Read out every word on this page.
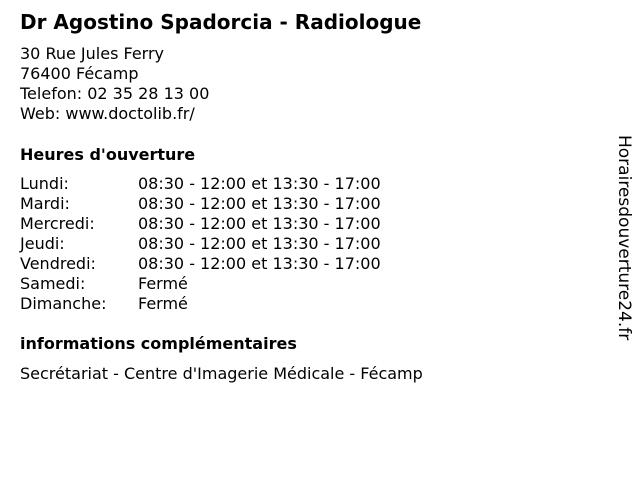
Dr Agostino Spadorcia - Radiologue
30 Rue Jules Ferry
76400 Fécamp
Telefon: 02 35 28 13 00
Web: www.doctolib.fr/
Heures d'ouverture
Lundi:	08:30 - 12:00 et 13:30 - 17:00
Mardi:	08:30 - 12:00 et 13:30 - 17:00
Mercredi:	08:30 - 12:00 et 13:30 - 17:00
Jeudi:	08:30 - 12:00 et 13:30 - 17:00
Vendredi:	08:30 - 12:00 et 13:30 - 17:00
Samedi:	Fermé
Dimanche:	Fermé
informations complémentaires
Secrétariat - Centre d'Imagerie Médicale - Fécamp
Horairesdouverture24.fr
